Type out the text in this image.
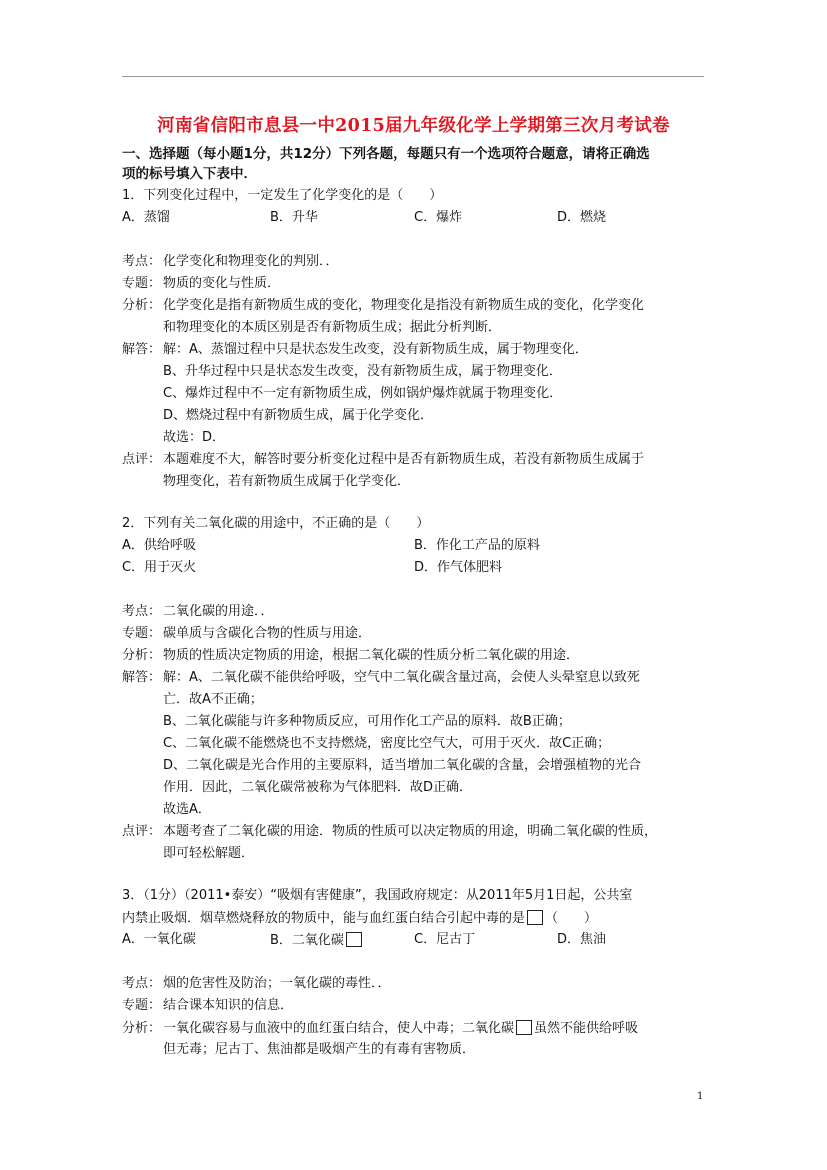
河南省信阳市息县一中2015届九年级化学上学期第三次月考试卷
一、选择题（每小题1分，共12分）下列各题，每题只有一个选项符合题意，请将正确选
项的标号填入下表中．
1．下列变化过程中，一定发生了化学变化的是（　　）
A．蒸馏	B．升华	C．爆炸	D．燃烧
考点： 化学变化和物理变化的判别．．
专题： 物质的变化与性质．
分析： 化学变化是指有新物质生成的变化，物理变化是指没有新物质生成的变化，化学变化
和物理变化的本质区别是否有新物质生成；据此分析判断．
解答： 解：A、蒸馏过程中只是状态发生改变，没有新物质生成，属于物理变化．
B、升华过程中只是状态发生改变，没有新物质生成，属于物理变化．
C、爆炸过程中不一定有新物质生成，例如锅炉爆炸就属于物理变化．
D、燃烧过程中有新物质生成，属于化学变化．
故选：D．
点评： 本题难度不大，解答时要分析变化过程中是否有新物质生成，若没有新物质生成属于
物理变化，若有新物质生成属于化学变化．
2．下列有关二氧化碳的用途中，不正确的是（　　）
A．供给呼吸	B．作化工产品的原料
C．用于灭火	D．作气体肥料
考点： 二氧化碳的用途．．
专题： 碳单质与含碳化合物的性质与用途．
分析： 物质的性质决定物质的用途，根据二氧化碳的性质分析二氧化碳的用途．
解答： 解：A、二氧化碳不能供给呼吸，空气中二氧化碳含量过高，会使人头晕窒息以致死
亡．故A不正确；
B、二氧化碳能与许多种物质反应，可用作化工产品的原料．故B正确；
C、二氧化碳不能燃烧也不支持燃烧，密度比空气大，可用于灭火．故C正确；
D、二氧化碳是光合作用的主要原料，适当增加二氧化碳的含量，会增强植物的光合
作用．因此，二氧化碳常被称为气体肥料．故D正确．
故选A．
点评： 本题考查了二氧化碳的用途．物质的性质可以决定物质的用途，明确二氧化碳的性质，
即可轻松解题．
3．（1分）（2011•泰安）“吸烟有害健康”，我国政府规定：从2011年5月1日起，公共室
内禁止吸烟．烟草燃烧释放的物质中，能与血红蛋白结合引起中毒的是 （　　）
A．一氧化碳	B．二氧化碳	C．尼古丁	D．焦油
考点： 烟的危害性及防治；一氧化碳的毒性．．
专题： 结合课本知识的信息．
分析： 一氧化碳容易与血液中的血红蛋白结合，使人中毒；二氧化碳 虽然不能供给呼吸
但无毒；尼古丁、焦油都是吸烟产生的有毒有害物质．
1
